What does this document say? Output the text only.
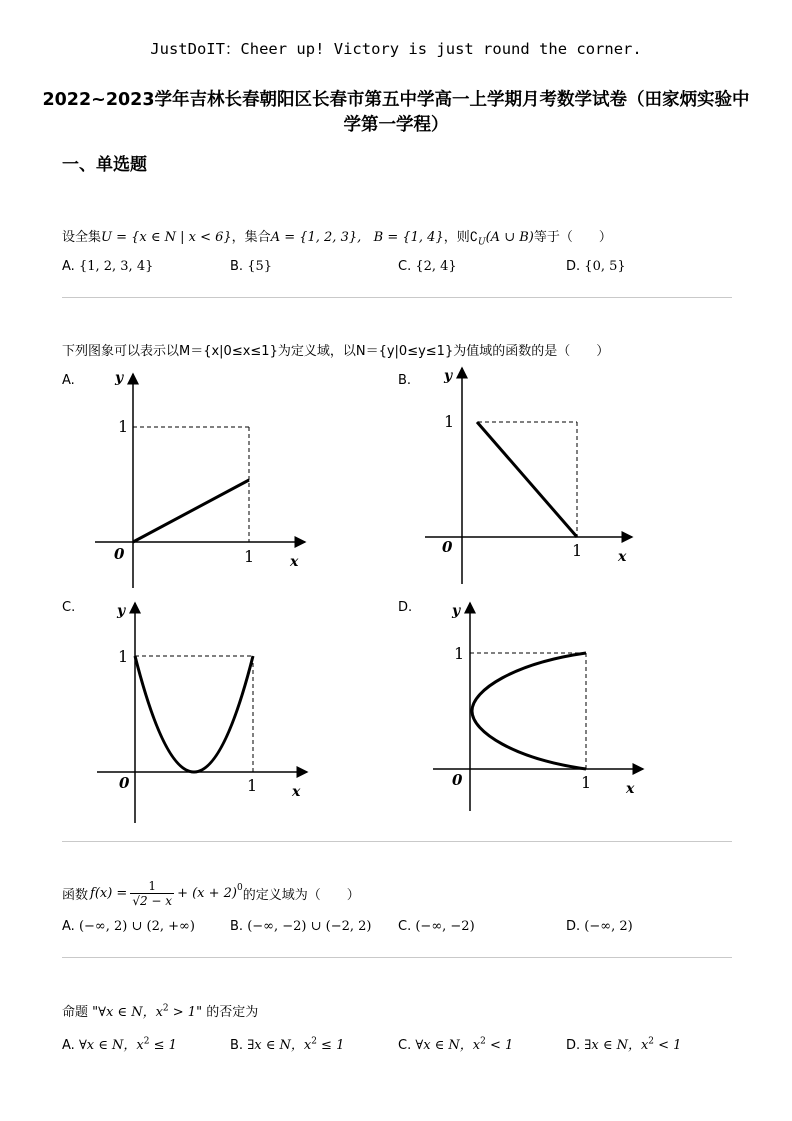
JustDoIT：Cheer up! Victory is just round the corner.
2022~2023学年吉林长春朝阳区长春市第五中学高一上学期月考数学试卷（田家炳实验中学第一学程）
一、单选题
设全集U = {x ∈ N | x < 6}，集合A = {1, 2, 3}, B = {1, 4}，则$∁_U(A$ ∪ B)等于（　　）
A. {1, 2, 3, 4}	B. {5}	C. {2, 4}	D. {0, 5}
下列图象可以表示以M＝{x|0≤x≤1}为定义域，以N＝{y|0≤y≤1}为值域的函数的是（　　）
A.	y
1
0	1	x
B. y
1
0	1	x
C.	y
1
0	1 x
D.	y
1
0	1 x
函数 $f(x) = \frac{1}{√2 - x} + (x + 2)^0$ 的定义域为（　　）
A. (−∞, 2) ∪ (2, +∞)	B. (−∞, −2) ∪ (−2, 2) C. (−∞, −2)	D. (−∞, 2)
命题 "∀x ∈ N，$x^2 > 1$" 的否定为
A. ∀x ∈ N，$x^2 \le 1$	B. ∃x ∈ N，$x^2 \le 1$	C. ∀x ∈ N，$x^2 < 1$	D. ∃x ∈ N，$x^2 < 1$
